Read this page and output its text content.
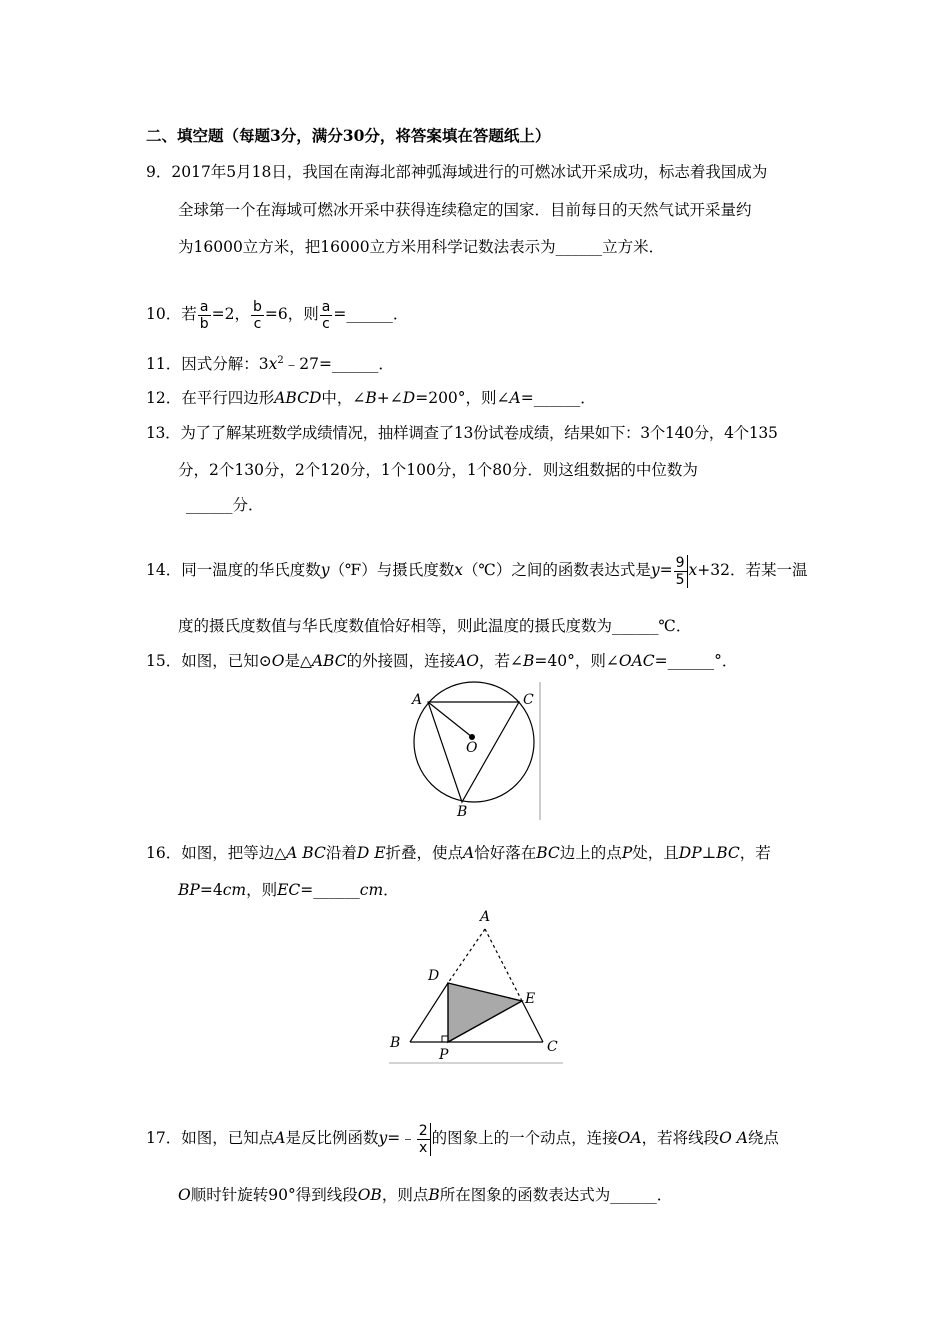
二、填空题（每题3分，满分30分，将答案填在答题纸上）
9．2017年5月18日，我国在南海北部神弧海域进行的可燃冰试开采成功，标志着我国成为
全球第一个在海域可燃冰开采中获得连续稳定的国家．目前每日的天然气试开采量约
为16000立方米，把16000立方米用科学记数法表示为______立方米．
10．若 $\frac{a}{b} =2$， $\frac{b}{c} =6$，则 $\frac{a}{c}$ =______．
11．因式分解：$3x^2﹣27=\_\_\_\_\_\_$．
12．在平行四边形ABCD中，∠B+∠D=200°，则∠A=______．
13．为了了解某班数学成绩情况，抽样调查了13份试卷成绩，结果如下：3个140分，4个135
分，2个130分，2个120分，1个100分，1个80分．则这组数据的中位数为
______分．
14．同一温度的华氏度数y（℉）与摄氏度数x（℃）之间的函数表达式是$y= \frac{9}{5} x+32$．若某一温
度的摄氏度数值与华氏度数值恰好相等，则此温度的摄氏度数为______℃．
15．如图，已知⊙O是△ABC的外接圆，连接AO，若∠B=40°，则∠OAC=______°．
A	C
O
B
16．如图，把等边△A BC沿着D E折叠，使点A恰好落在BC边上的点P处，且DP⊥BC，若
BP=4cm，则EC=______cm．
A
D
E
B	C
P
17．如图，已知点A是反比例函数y=﹣ $\frac{2}{x}$ 的图象上的一个动点，连接OA，若将线段O A绕点
O顺时针旋转90°得到线段OB，则点B所在图象的函数表达式为______．
